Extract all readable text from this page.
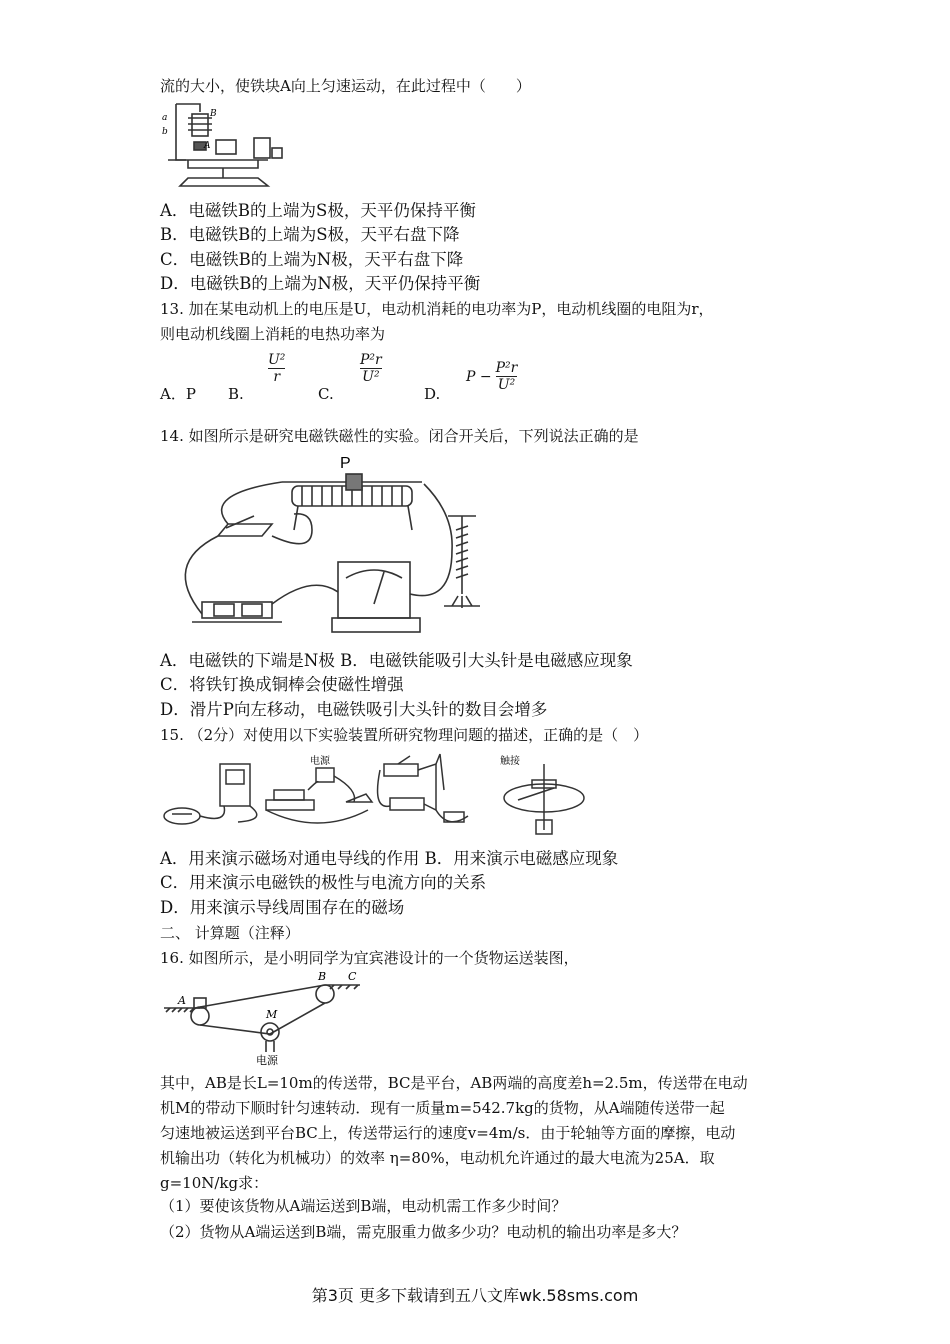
流的大小，使铁块A向上匀速运动，在此过程中（　　）
a
b
B
A
A．电磁铁B的上端为S极，天平仍保持平衡
B．电磁铁B的上端为S极，天平右盘下降
C．电磁铁B的上端为N极，天平右盘下降
D．电磁铁B的上端为N极，天平仍保持平衡
13. 加在某电动机上的电压是U，电动机消耗的电功率为P，电动机线圈的电阻为r，
则电动机线圈上消耗的电热功率为
A．P B.
$\frac{\text{U²}}{r}$
C.
$\frac{\text{P²r}}{\text{U²}}$
D.
$P - \frac{\text{P²r}}{\text{U²}}$
14. 如图所示是研究电磁铁磁性的实验。闭合开关后，下列说法正确的是
P
A．电磁铁的下端是N极 B．电磁铁能吸引大头针是电磁感应现象
C．将铁钉换成铜棒会使磁性增强
D．滑片P向左移动，电磁铁吸引大头针的数目会增多
15. （2分）对使用以下实验装置所研究物理问题的描述，正确的是（　）
电源	触接
A．用来演示磁场对通电导线的作用 B．用来演示电磁感应现象
C．用来演示电磁铁的极性与电流方向的关系
D．用来演示导线周围存在的磁场
二、 计算题（注释）
16. 如图所示，是小明同学为宜宾港设计的一个货物运送装图，
A
B C
M
电源
其中，AB是长L=10m的传送带，BC是平台，AB两端的高度差h=2.5m，传送带在电动
机M的带动下顺时针匀速转动．现有一质量m=542.7kg的货物，从A端随传送带一起
匀速地被运送到平台BC上，传送带运行的速度v=4m/s．由于轮轴等方面的摩擦，电动
机输出功（转化为机械功）的效率 η=80%，电动机允许通过的最大电流为25A．取
g=10N/kg求：
（1）要使该货物从A端运送到B端，电动机需工作多少时间？
（2）货物从A端运送到B端，需克服重力做多少功？电动机的输出功率是多大？
第3页 更多下载请到五八文库wk.58sms.com
